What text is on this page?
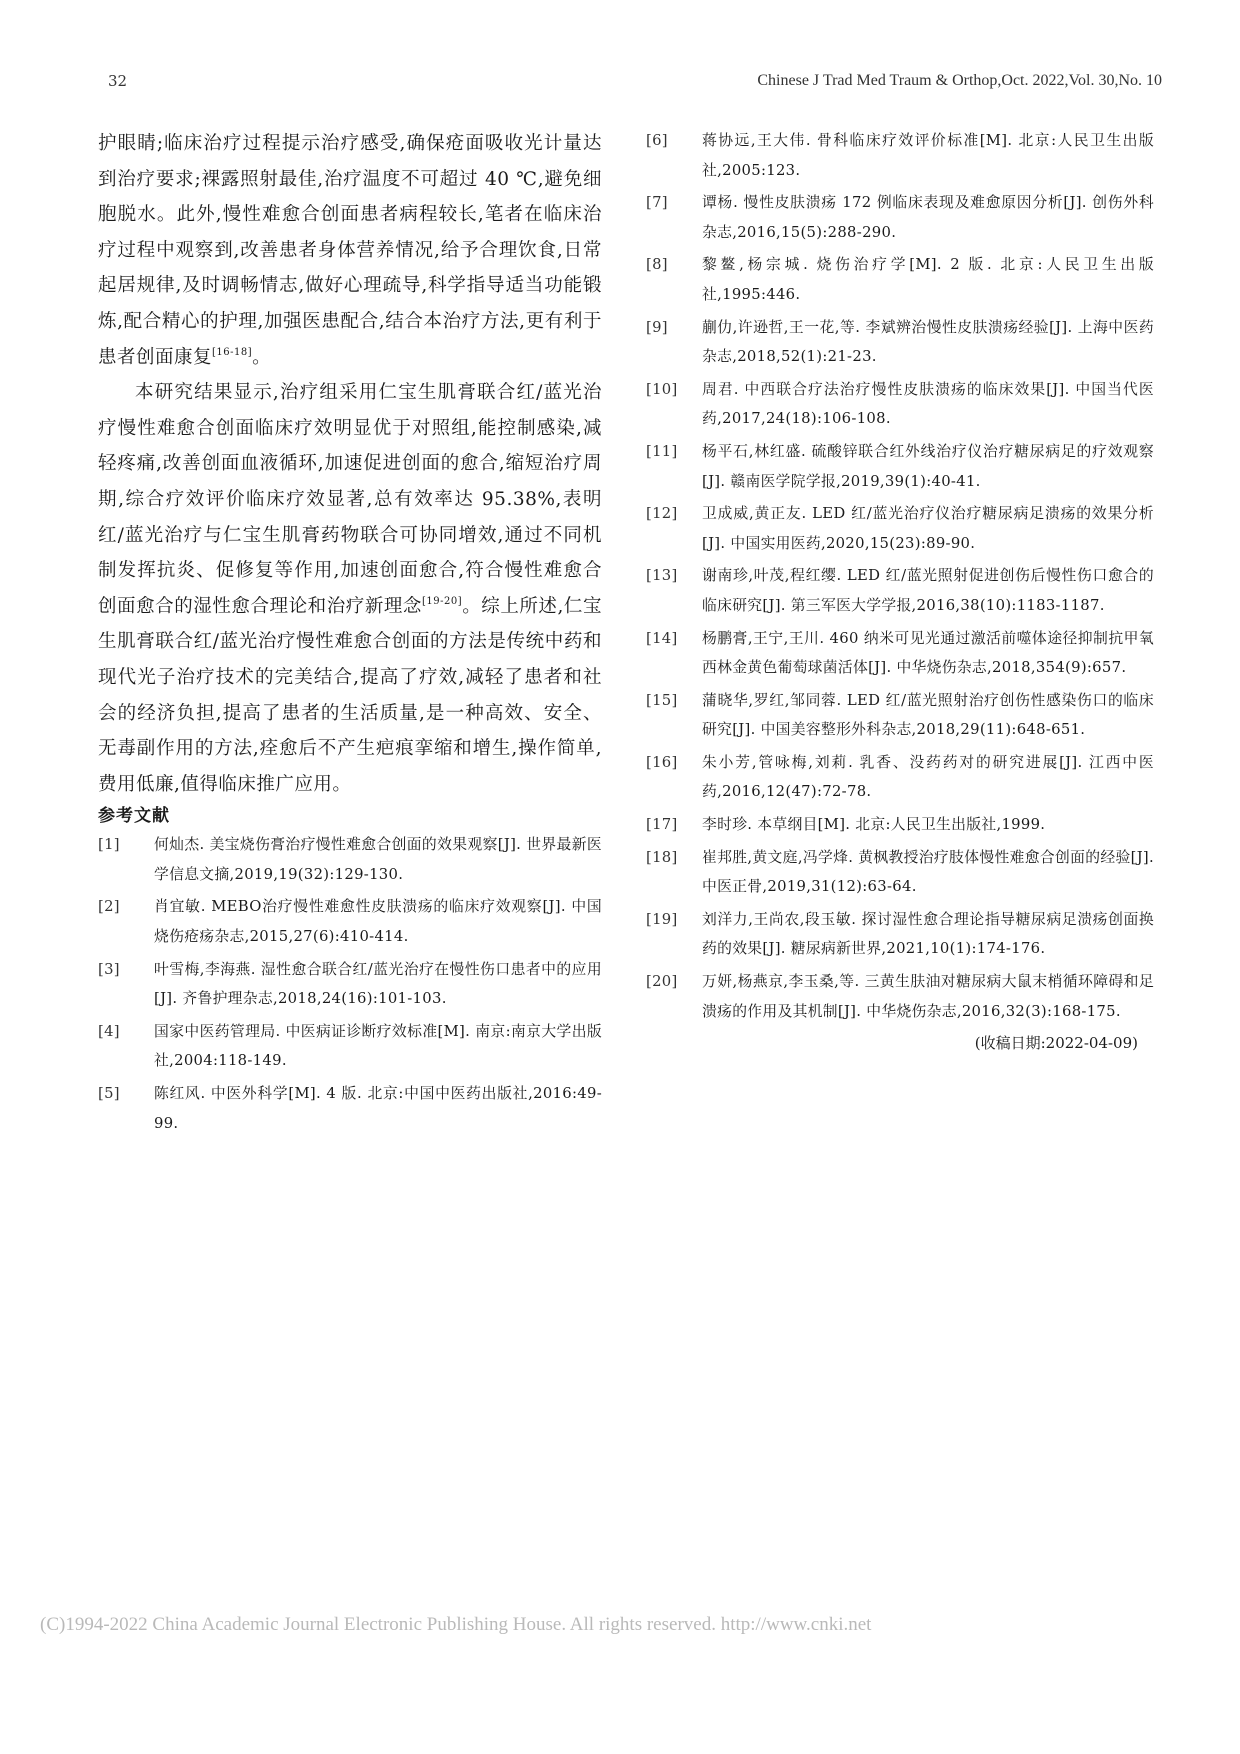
32	Chinese J Trad Med Traum & Orthop,Oct. 2022,Vol. 30,No. 10

护眼睛;临床治疗过程提示治疗感受,确保疮面吸收光计量达到治疗要求;裸露照射最佳,治疗温度不可超过 40 ℃,避免细胞脱水。此外,慢性难愈合创面患者病程较长,笔者在临床治疗过程中观察到,改善患者身体营养情况,给予合理饮食,日常起居规律,及时调畅情志,做好心理疏导,科学指导适当功能锻炼,配合精心的护理,加强医患配合,结合本治疗方法,更有利于患者创面康复[16-18]。

本研究结果显示,治疗组采用仁宝生肌膏联合红/蓝光治疗慢性难愈合创面临床疗效明显优于对照组,能控制感染,减轻疼痛,改善创面血液循环,加速促进创面的愈合,缩短治疗周期,综合疗效评价临床疗效显著,总有效率达 95.38%,表明红/蓝光治疗与仁宝生肌膏药物联合可协同增效,通过不同机制发挥抗炎、促修复等作用,加速创面愈合,符合慢性难愈合创面愈合的湿性愈合理论和治疗新理念[19-20]。综上所述,仁宝生肌膏联合红/蓝光治疗慢性难愈合创面的方法是传统中药和现代光子治疗技术的完美结合,提高了疗效,减轻了患者和社会的经济负担,提高了患者的生活质量,是一种高效、安全、无毒副作用的方法,痊愈后不产生疤痕挛缩和增生,操作简单,费用低廉,值得临床推广应用。

参考文献
[1] 何灿杰. 美宝烧伤膏治疗慢性难愈合创面的效果观察[J]. 世界最新医学信息文摘,2019,19(32):129-130.
[2] 肖宜敏. MEBO治疗慢性难愈性皮肤溃疡的临床疗效观察[J]. 中国烧伤疮疡杂志,2015,27(6):410-414.
[3] 叶雪梅,李海燕. 湿性愈合联合红/蓝光治疗在慢性伤口患者中的应用[J]. 齐鲁护理杂志,2018,24(16):101-103.
[4] 国家中医药管理局. 中医病证诊断疗效标准[M]. 南京:南京大学出版社,2004:118-149.
[5] 陈红风. 中医外科学[M]. 4 版. 北京:中国中医药出版社,2016:49-99.
[6] 蒋协远,王大伟. 骨科临床疗效评价标准[M]. 北京:人民卫生出版社,2005:123.
[7] 谭杨. 慢性皮肤溃疡 172 例临床表现及难愈原因分析[J]. 创伤外科杂志,2016,15(5):288-290.
[8] 黎鳌,杨宗城. 烧伤治疗学[M]. 2 版. 北京:人民卫生出版社,1995:446.
[9] 蒯仂,许逊哲,王一花,等. 李斌辨治慢性皮肤溃疡经验[J]. 上海中医药杂志,2018,52(1):21-23.
[10] 周君. 中西联合疗法治疗慢性皮肤溃疡的临床效果[J]. 中国当代医药,2017,24(18):106-108.
[11] 杨平石,林红盛. 硫酸锌联合红外线治疗仪治疗糖尿病足的疗效观察[J]. 赣南医学院学报,2019,39(1):40-41.
[12] 卫成威,黄正友. LED 红/蓝光治疗仪治疗糖尿病足溃疡的效果分析[J]. 中国实用医药,2020,15(23):89-90.
[13] 谢南珍,叶茂,程红缨. LED 红/蓝光照射促进创伤后慢性伤口愈合的临床研究[J]. 第三军医大学学报,2016,38(10):1183-1187.
[14] 杨鹏膏,王宁,王川. 460 纳米可见光通过激活前噬体途径抑制抗甲氧西林金黄色葡萄球菌活体[J]. 中华烧伤杂志,2018,354(9):657.
[15] 蒲晓华,罗红,邹同蓉. LED 红/蓝光照射治疗创伤性感染伤口的临床研究[J]. 中国美容整形外科杂志,2018,29(11):648-651.
[16] 朱小芳,管咏梅,刘莉. 乳香、没药药对的研究进展[J]. 江西中医药,2016,12(47):72-78.
[17] 李时珍. 本草纲目[M]. 北京:人民卫生出版社,1999.
[18] 崔邦胜,黄文庭,冯学烽. 黄枫教授治疗肢体慢性难愈合创面的经验[J]. 中医正骨,2019,31(12):63-64.
[19] 刘洋力,王尚农,段玉敏. 探讨湿性愈合理论指导糖尿病足溃疡创面换药的效果[J]. 糖尿病新世界,2021,10(1):174-176.
[20] 万妍,杨燕京,李玉桑,等. 三黄生肤油对糖尿病大鼠末梢循环障碍和足溃疡的作用及其机制[J]. 中华烧伤杂志,2016,32(3):168-175.
(收稿日期:2022-04-09)
(C)1994-2022 China Academic Journal Electronic Publishing House. All rights reserved. http://www.cnki.net
